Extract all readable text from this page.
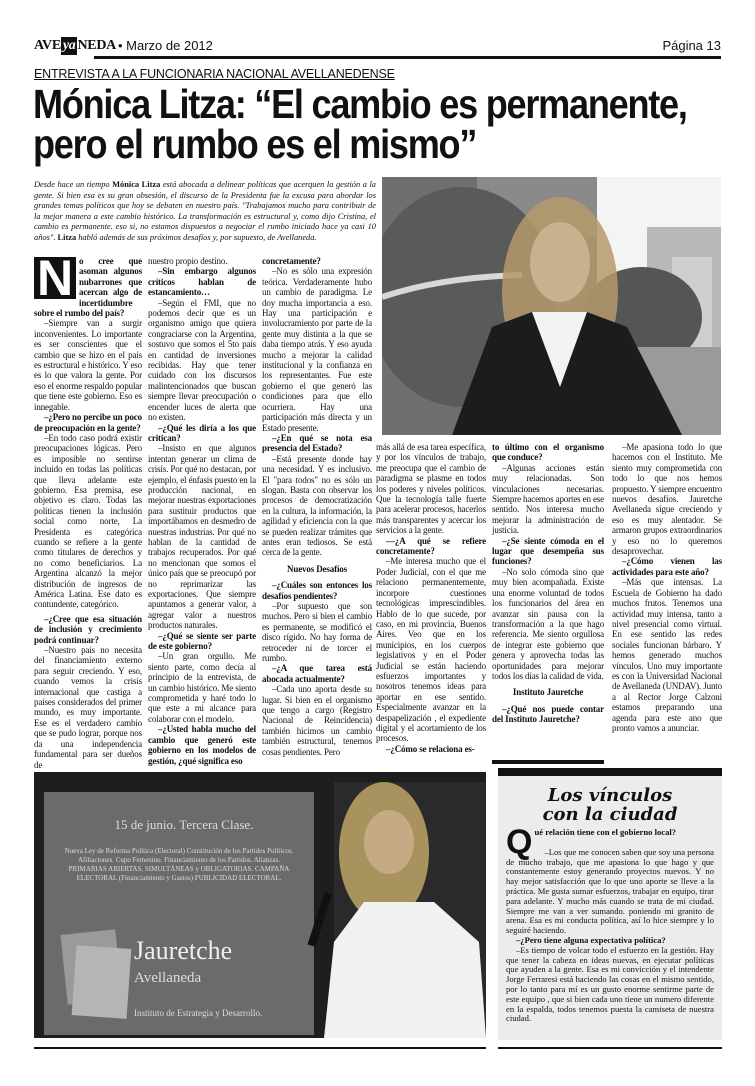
AVE ya NEDA • Marzo de 2012	Página 13
ENTREVISTA A LA FUNCIONARIA NACIONAL AVELLANEDENSE
Mónica Litza: “El cambio es permanente,
pero el rumbo es el mismo”

Desde hace un tiempo Mónica Litza está abocada a delinear políticas que acerquen la gestión a la gente. Si bien esa es su gran obsesión, el discurso de la Presidenta fue la excusa para abordar los grandes temas políticos que hoy se debaten en nuestro país. "Trabajamos mucho para contribuir de la mejor manera a este cambio histórico. La transformación es estructural y, como dijo Cristina, el cambio es permanente. eso si, no estamos dispuestos a negociar el rumbo iniciado hace ya casi 10 años". Litza habló además de sus próximos desafíos y, por supuesto, de Avellaneda.

N o cree que asoman algunos nubarrones que acercan algo de incertidumbre sobre el rumbo del país?

–Siempre van a surgir inconvenientes. Lo importante es ser conscientes que el cambio que se hizo en el país es estructural e histórico. Y eso es lo que valora la gente. Por eso el enorme respaldo popular que tiene este gobierno. Eso es innegable.

–¿Pero no percibe un poco de preocupación en la gente?

–En todo caso podrá existir preocupaciones lógicas. Pero es imposible no sentirse incluido en todas las políticas que lleva adelante este gobierno. Esa premisa, ese objetivo es claro. Todas las políticas tienen la inclusión social como norte, La Presidenta es categórica cuando se refiere a la gente como titulares de derechos y no como beneficiarios. La Argentina alcanzó la mejor distribución de ingresos de América Latina. Ese dato es contundente, categórico.

–¿Cree que esa situación de inclusión y crecimiento podrá continuar?

–Nuestro país no necesita del financiamiento externo para seguir creciendo. Y eso, cuando vemos la crisis internacional que castiga a países considerados del primer mundo, es muy importante. Ese es el verdadero cambio que se pudo lograr, porque nos da una independencia fundamental para ser dueños de

nuestro propio destino.

–Sin embargo algunos críticos hablan de estancamiento…

–Según el FMI, que no podemos decir que es un organismo amigo que quiera congraciarse con la Argentina, sostuvo que somos el 5to país en cantidad de inversiones recibidas. Hay que tener cuidado con los discursos malintencionados que buscan siempre llevar preocupación o encender luces de alerta que no existen.

–¿Qué les diría a los que critican?

–Insisto en que algunos intentan generar un clima de crisis. Por qué no destacan, por ejemplo, el énfasis puesto en la producción nacional, en mejorar nuestras exportaciones para sustituir productos que importábamos en desmedro de nuestras industrias. Por qué no hablan de la cantidad de trabajos recuperados. Por qué no mencionan que somos el único país que se preocupó por no reprimarizar las exportaciones. Que siempre apuntamos a generar valor, a agregar valor a nuestros productos naturales.

–¿Qué se siente ser parte de este gobierno?

–Un gran orgullo. Me siento parte, como decía al principio de la entrevista, de un cambio histórico. Me siento comprometida y haré todo lo que este a mi alcance para colaborar con el modelo.

–¿Usted habla mucho del cambio que generó este gobierno en los modelos de gestión, ¿qué significa eso

concretamente?

–No es sólo una expresión teórica. Verdaderamente hubo un cambio de paradigma. Le doy mucha importancia a eso. Hay una participación e involucramiento por parte de la gente muy distinta a la que se daba tiempo atrás. Y eso ayuda mucho a mejorar la calidad institucional y la confianza en los representantes. Fue este gobierno el que generó las condiciones para que ello ocurriera. Hay una participación más directa y un Estado presente.

–¿En qué se nota esa presencia del Estado?

–Está presente donde hay una necesidad. Y es inclusivo. El "para todos" no es sólo un slogan. Basta con observar los procesos de democratización en la cultura, la información, la agilidad y eficiencia con la que se pueden realizar trámites que antes eran tediosos. Se está cerca de la gente.

Nuevos Desafíos

–¿Cuáles son entonces los desafíos pendientes?

–Por supuesto que son muchos. Pero si bien el cambio es permanente, se modificó el disco rígido. No hay forma de retroceder ni de torcer el rumbo.

–¿A que tarea está abocada actualmente?

–Cada uno aporta desde su lugar. Si bien en el organismo que tengo a cargo (Registro Nacional de Reincidencia) también hicimos un cambio también estructural, tenemos cosas pendientes. Pero

más allá de esa tarea específica, y por los vínculos de trabajo, me preocupa que el cambio de paradigma se plasme en todos los poderes y niveles políticos. Que la tecnología talle fuerte para acelerar procesos, hacerlos más transparentes y acercar los servicios a la gente.

—¿A qué se refiere concretamente?

–Me interesa mucho que el Poder Judicial, con el que me relaciono permanentemente, incorpore cuestiones tecnológicas imprescindibles. Hablo de lo que sucede, por caso, en mi provincia, Buenos Aires. Veo que en los municipios, en los cuerpos legislativos y en el Poder Judicial se están haciendo esfuerzos importantes y nosotros tenemos ideas para aportar en ese sentido. Especialmente avanzar en la despapelización , el expediente digital y el acortamiento de los procesos.

–¿Cómo se relaciona es-

to último con el organismo que conduce?

–Algunas acciones están muy relacionadas. Son vinculaciones necesarias. Siempre hacemos aportes en ese sentido. Nos interesa mucho mejorar la administración de justicia.

–¿Se siente cómoda en el lugar que desempeña sus funciones?

–No solo cómoda sino que muy bien acompañada. Existe una enorme voluntad de todos los funcionarios del área en avanzar sin pausa con la transformación a la que hago referencia. Me siento orgullosa de integrar este gobierno que genera y aprovecha todas las oportunidades para mejorar todos los días la calidad de vida.

Instituto Jauretche

–¿Qué nos puede contar del Instituto Jauretche?

–Me apasiona todo lo que hacemos con el Instituto. Me siento muy comprometida con todo lo que nos hemos propuesto. Y siempre encuentro nuevos desafíos. Jauretche Avellaneda sigue creciendo y eso es muy alentador. Se armaron grupos extraordinarios y eso no lo queremos desaprovechar.

–¿Cómo vienen las actividades para este año?

–Más que intensas. La Escuela de Gobierno ha dado muchos frutos. Tenemos una actividad muy intensa, tanto a nivel presencial como virtual. En ese sentido las redes sociales funcionan bárbaro. Y hemos generado muchos vínculos. Uno muy importante es con la Universidad Nacional de Avellaneda (UNDAV). Junto a al Rector Jorge Calzoni estamos preparando una agenda para este ano que pronto vamos a anunciar.

15 de junio. Tercera Clase.
Nueva Ley de Reforma Política (Electoral) Constitución de los Partidos Políticos. Afiliaciones. Cupo Femenino. Financiamiento de los Partidos. Alianzas. PRIMARIAS ABIERTAS, SIMULTÁNEAS y OBLIGATORIAS. CAMPAÑA ELECTORAL (Financiamiento y Gastos) PUBLICIDAD ELECTORAL.
Jauretche
Avellaneda
Instituto de Estrategia y Desarrollo.
Los vínculos
con la ciudad
Q ué relación tiene con el gobierno local?

–Los que me conocen saben que soy una persona de mucho trabajo, que me apasiona lo que hago y que constantemente estoy generando proyectos nuevos. Y no hay mejor satisfacción que lo que uno aporte se lleve a la práctica. Me gusta sumar esfuerzos, trabajar en equipo, tirar para adelante. Y mucho más cuando se trata de mi ciudad. Siempre me van a ver sumando. poniendo mi granito de arena. Esa es mi conducta política, así lo hice siempre y lo seguiré haciendo.

–¿Pero tiene alguna expectativa política?

–Es tiempo de volcar todo el esfuerzo en la gestión. Hay que tener la cabeza en ideas nuevas, en ejecutar políticas que ayuden a la gente. Esa es mi convicción y el intendente Jorge Ferraresi está haciendo las cosas en el mismo sentido, por lo tanto para mí es un gusto enorme sentirme parte de este equipo , que si bien cada uno tiene un numero diferente en la espalda, todos tenemos puesta la camiseta de nuestra ciudad.
